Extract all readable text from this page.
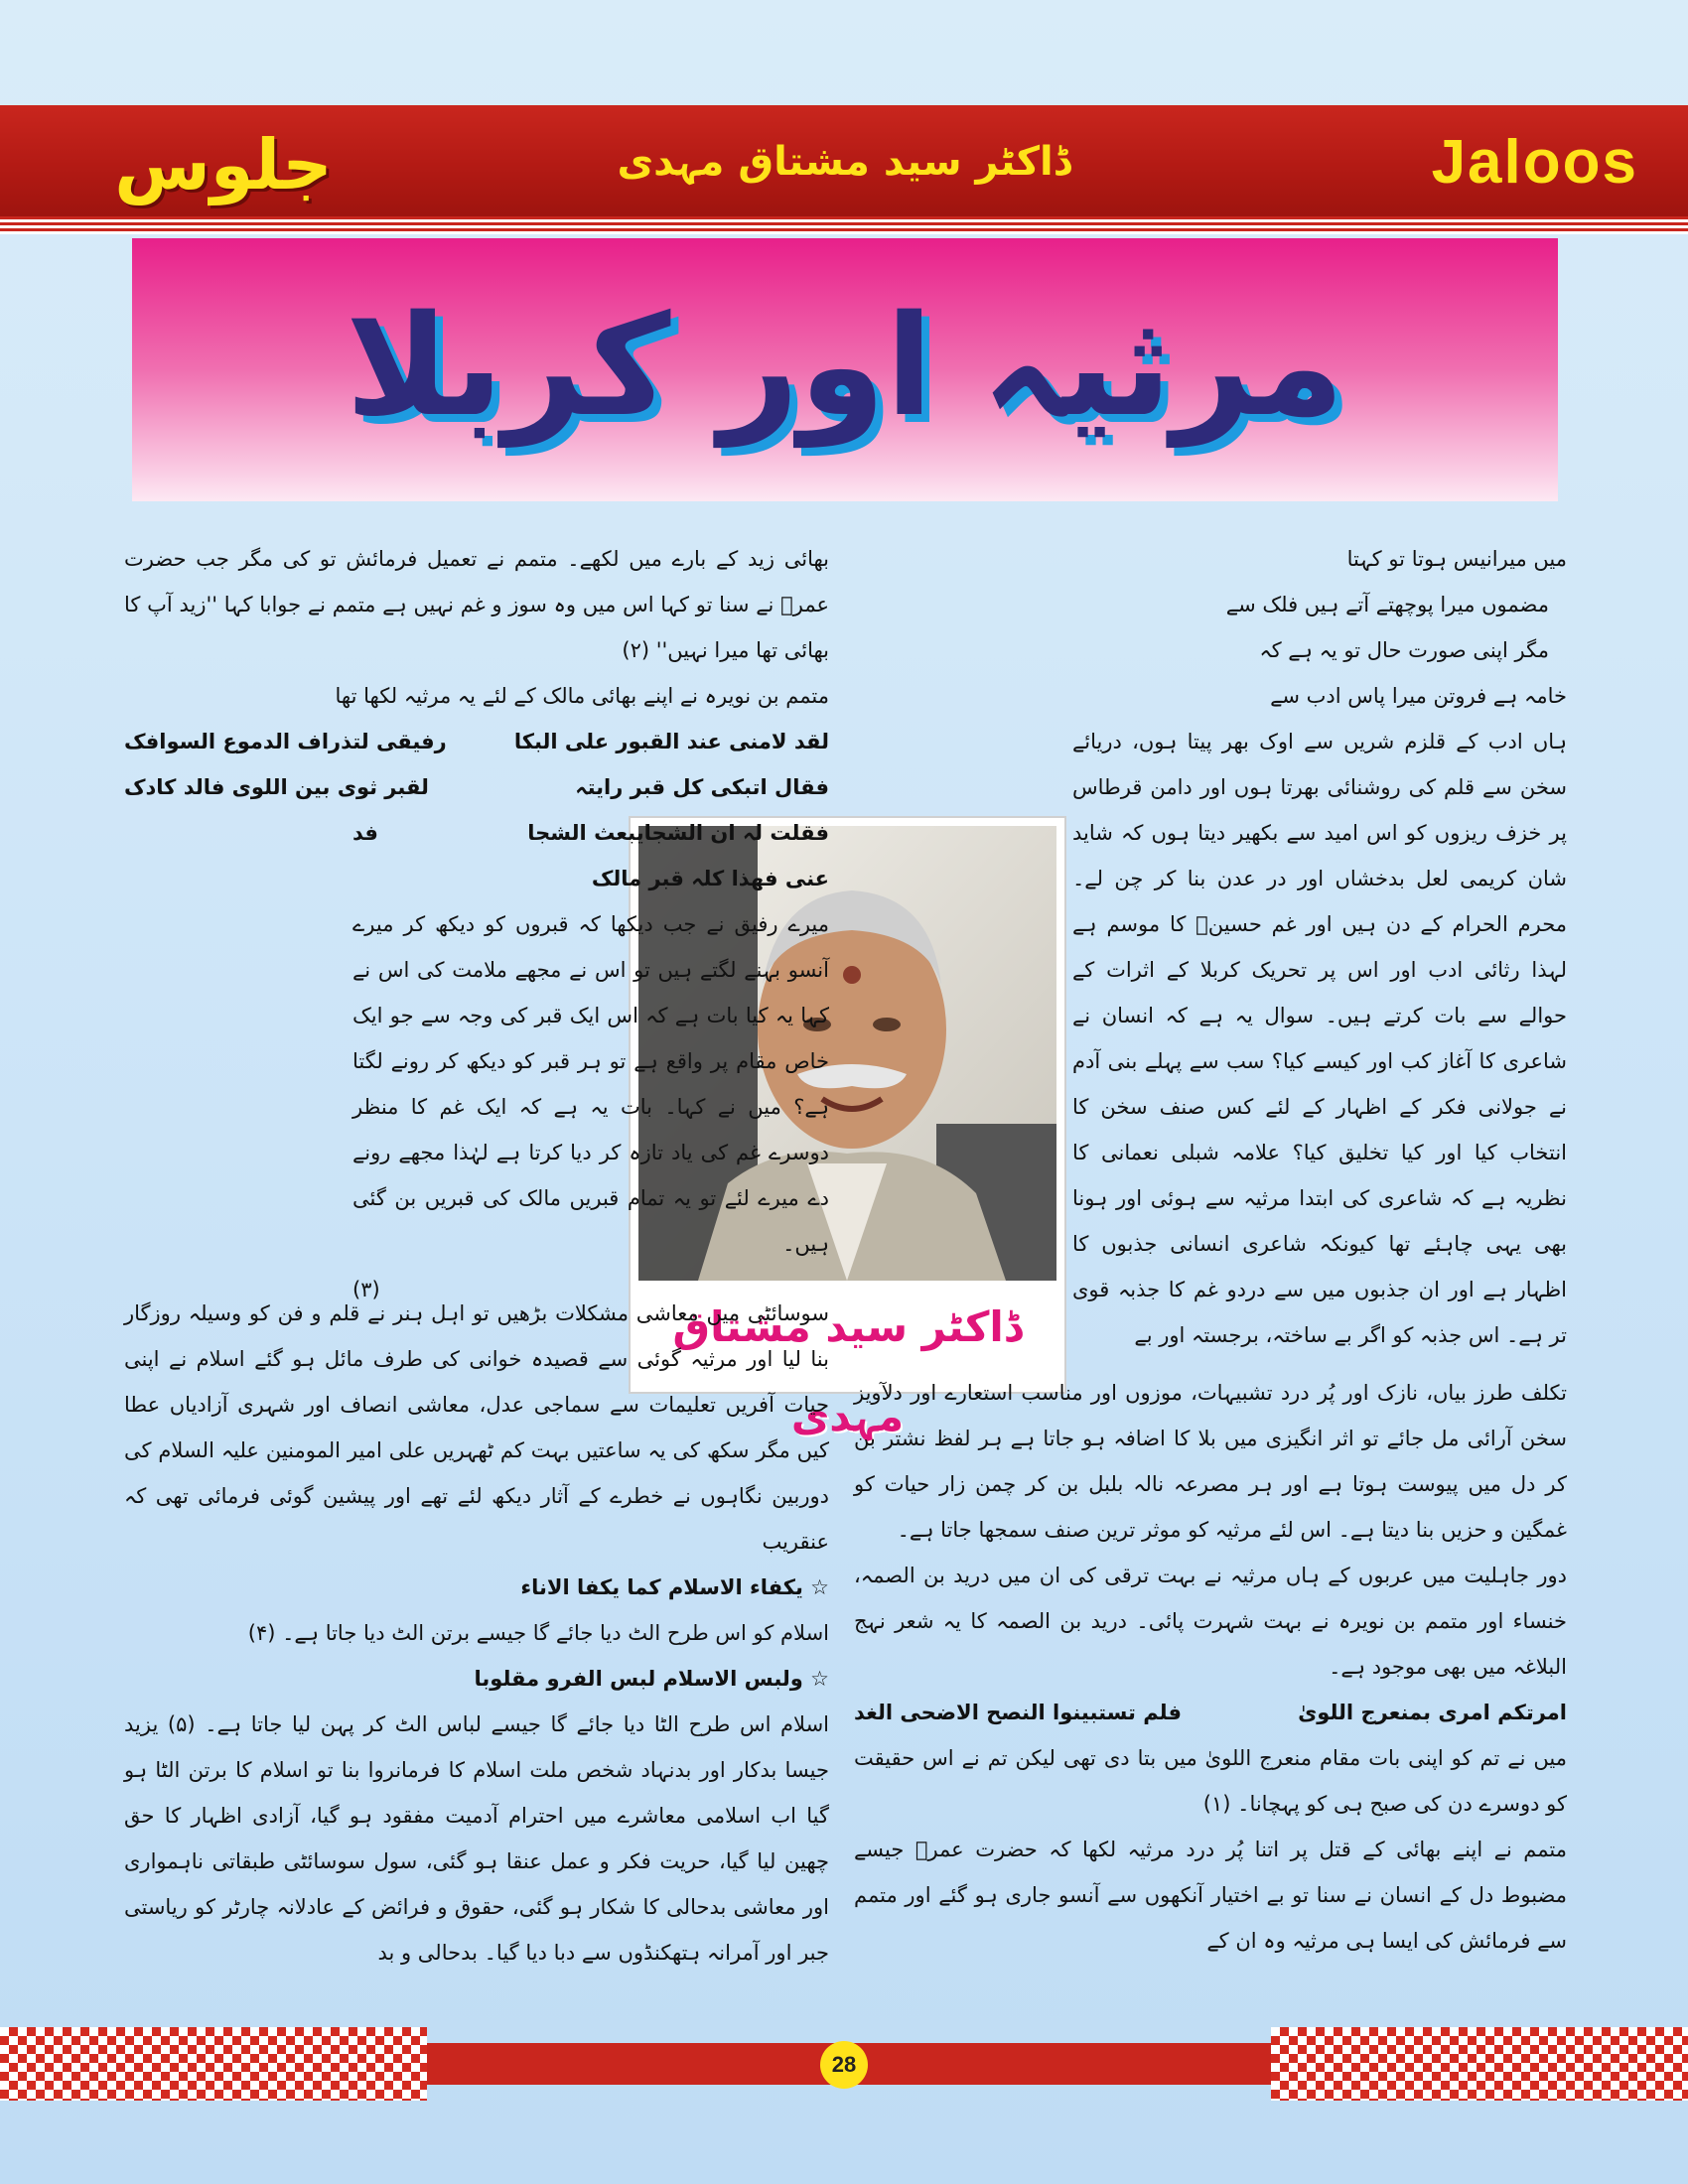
جلوس	ڈاکٹر سید مشتاق مہدی	Jaloos
مرثیہ اور کربلا

میں میرانیس ہوتا تو کہتا

مضموں میرا پوچھتے آتے ہیں فلک سے

مگر اپنی صورت حال تو یہ ہے کہ

خامہ ہے فروتن میرا پاس ادب سے

ہاں ادب کے قلزم شریں سے اوک بھر پیتا ہوں، دریائے سخن سے قلم کی روشنائی بھرتا ہوں اور دامن قرطاس پر خزف ریزوں کو اس امید سے بکھیر دیتا ہوں کہ شاید شان کریمی لعل بدخشاں اور در عدن بنا کر چن لے۔ محرم الحرام کے دن ہیں اور غم حسینؑ کا موسم ہے لہذا رثائی ادب اور اس پر تحریک کربلا کے اثرات کے حوالے سے بات کرتے ہیں۔ سوال یہ ہے کہ انسان نے شاعری کا آغاز کب اور کیسے کیا؟ سب سے پہلے بنی آدم نے جولانی فکر کے اظہار کے لئے کس صنف سخن کا انتخاب کیا اور کیا تخلیق کیا؟ علامہ شبلی نعمانی کا نظریہ ہے کہ شاعری کی ابتدا مرثیہ سے ہوئی اور ہونا بھی یہی چاہئے تھا کیونکہ شاعری انسانی جذبوں کا اظہار ہے اور ان جذبوں میں سے دردو غم کا جذبہ قوی تر ہے۔ اس جذبہ کو اگر بے ساختہ، برجستہ اور بے

ڈاکٹر سید مشتاق مہدی

تکلف طرز بیاں، نازک اور پُر درد تشبیہات، موزوں اور مناسب استعارے اور دلآویز سخن آرائی مل جائے تو اثر انگیزی میں بلا کا اضافہ ہو جاتا ہے ہر لفظ نشتر بن کر دل میں پیوست ہوتا ہے اور ہر مصرعہ نالہ بلبل بن کر چمن زار حیات کو غمگین و حزیں بنا دیتا ہے۔ اس لئے مرثیہ کو موثر ترین صنف سمجھا جاتا ہے۔

دور جاہلیت میں عربوں کے ہاں مرثیہ نے بہت ترقی کی ان میں درید بن الصمہ، خنساء اور متمم بن نویرہ نے بہت شہرت پائی۔ درید بن الصمہ کا یہ شعر نہج البلاغہ میں بھی موجود ہے۔

امرتکم امری بمنعرج اللویٰ
فلم تستبینوا النصح الاضحی الغد

میں نے تم کو اپنی بات مقام منعرج اللویٰ میں بتا دی تھی لیکن تم نے اس حقیقت کو دوسرے دن کی صبح ہی کو پہچانا۔ (۱)

متمم نے اپنے بھائی کے قتل پر اتنا پُر درد مرثیہ لکھا کہ حضرت عمرؓ جیسے مضبوط دل کے انسان نے سنا تو بے اختیار آنکھوں سے آنسو جاری ہو گئے اور متمم سے فرمائش کی ایسا ہی مرثیہ وہ ان کے

بھائی زید کے بارے میں لکھے۔ متمم نے تعمیل فرمائش تو کی مگر جب حضرت عمرؓ نے سنا تو کہا اس میں وہ سوز و غم نہیں ہے متمم نے جوابا کہا ''زید آپ کا بھائی تھا میرا نہیں'' (۲)

متمم بن نویرہ نے اپنے بھائی مالک کے لئے یہ مرثیہ لکھا تھا

لقد لامنی عند القبور علی البکا
رفیقی لتذراف الدموع السوافک
فقال اتبکی کل قبر رایتہ
لقبر ثوی بین اللوی فالد کادک
فقلت لہ ان الشجایبعث الشجا
فد
عنی فھذا کلہ قبر مالک

میرے رفیق نے جب دیکھا کہ قبروں کو دیکھ کر میرے آنسو بہنے لگتے ہیں تو اس نے مجھے ملامت کی اس نے کہا یہ کیا بات ہے کہ اس ایک قبر کی وجہ سے جو ایک خاص مقام پر واقع ہے تو ہر قبر کو دیکھ کر رونے لگتا ہے؟ میں نے کہا۔ بات یہ ہے کہ ایک غم کا منظر دوسرے غم کی یاد تازہ کر دیا کرتا ہے لہٰذا مجھے رونے دے میرے لئے تو یہ تمام قبریں مالک کی قبریں بن گئی ہیں۔

(۳)

سوسائٹی میں معاشی مشکلات بڑھیں تو اہل ہنر نے قلم و فن کو وسیلہ روزگار بنا لیا اور مرثیہ گوئی سے قصیدہ خوانی کی طرف مائل ہو گئے اسلام نے اپنی حیات آفریں تعلیمات سے سماجی عدل، معاشی انصاف اور شہری آزادیاں عطا کیں مگر سکھ کی یہ ساعتیں بہت کم ٹھہریں علی امیر المومنین علیہ السلام کی دوربین نگاہوں نے خطرے کے آثار دیکھ لئے تھے اور پیشین گوئی فرمائی تھی کہ عنقریب

☆ یکفاء الاسلام کما یکفا الاناء

اسلام کو اس طرح الٹ دیا جائے گا جیسے برتن الٹ دیا جاتا ہے۔ (۴)

☆ ولبس الاسلام لبس الفرو مقلوبا

اسلام اس طرح الٹا دیا جائے گا جیسے لباس الٹ کر پہن لیا جاتا ہے۔ (۵) یزید جیسا بدکار اور بدنہاد شخص ملت اسلام کا فرمانروا بنا تو اسلام کا برتن الٹا ہو گیا اب اسلامی معاشرے میں احترام آدمیت مفقود ہو گیا، آزادی اظہار کا حق چھین لیا گیا، حریت فکر و عمل عنقا ہو گئی، سول سوسائٹی طبقاتی ناہمواری اور معاشی بدحالی کا شکار ہو گئی، حقوق و فرائض کے عادلانہ چارٹر کو ریاستی جبر اور آمرانہ ہتھکنڈوں سے دبا دیا گیا۔ بدحالی و بد

28
